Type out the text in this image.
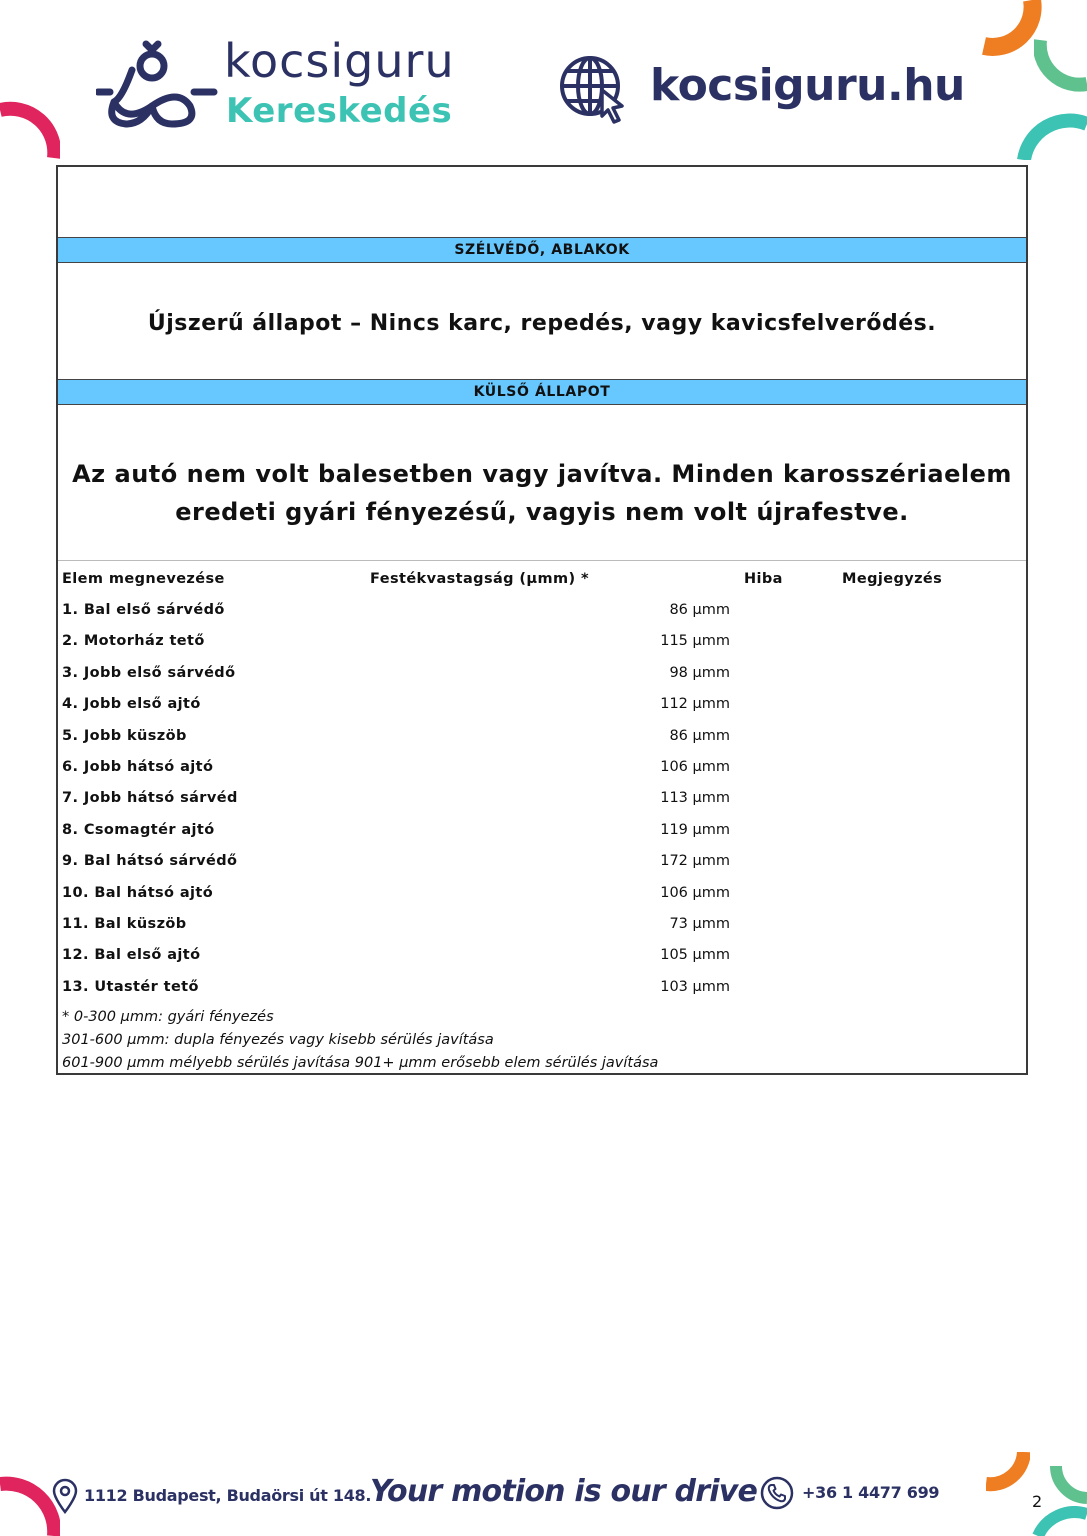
kocsiguru
Kereskedés	kocsiguru.hu
SZÉLVÉDŐ, ABLAKOK
Újszerű állapot – Nincs karc, repedés, vagy kavicsfelverődés.
KÜLSŐ ÁLLAPOT
Az autó nem volt balesetben vagy javítva. Minden karosszériaelem eredeti gyári fényezésű, vagyis nem volt újrafestve.
Elem megnevezése	Festékvastagság (µmm) *	Hiba	Megjegyzés
1. Bal első sárvédő	86 µmm
2. Motorház tető	115 µmm
3. Jobb első sárvédő	98 µmm
4. Jobb első ajtó	112 µmm
5. Jobb küszöb	86 µmm
6. Jobb hátsó ajtó	106 µmm
7. Jobb hátsó sárvéd	113 µmm
8. Csomagtér ajtó	119 µmm
9. Bal hátsó sárvédő	172 µmm
10. Bal hátsó ajtó	106 µmm
11. Bal küszöb	73 µmm
12. Bal első ajtó	105 µmm
13. Utastér tető	103 µmm
* 0-300 µmm: gyári fényezés
301-600 µmm: dupla fényezés vagy kisebb sérülés javítása
601-900 µmm mélyebb sérülés javítása 901+ µmm erősebb elem sérülés javítása
1112 Budapest, Budaörsi út 148.
Your motion is our drive	+36 1 4477 699	2
